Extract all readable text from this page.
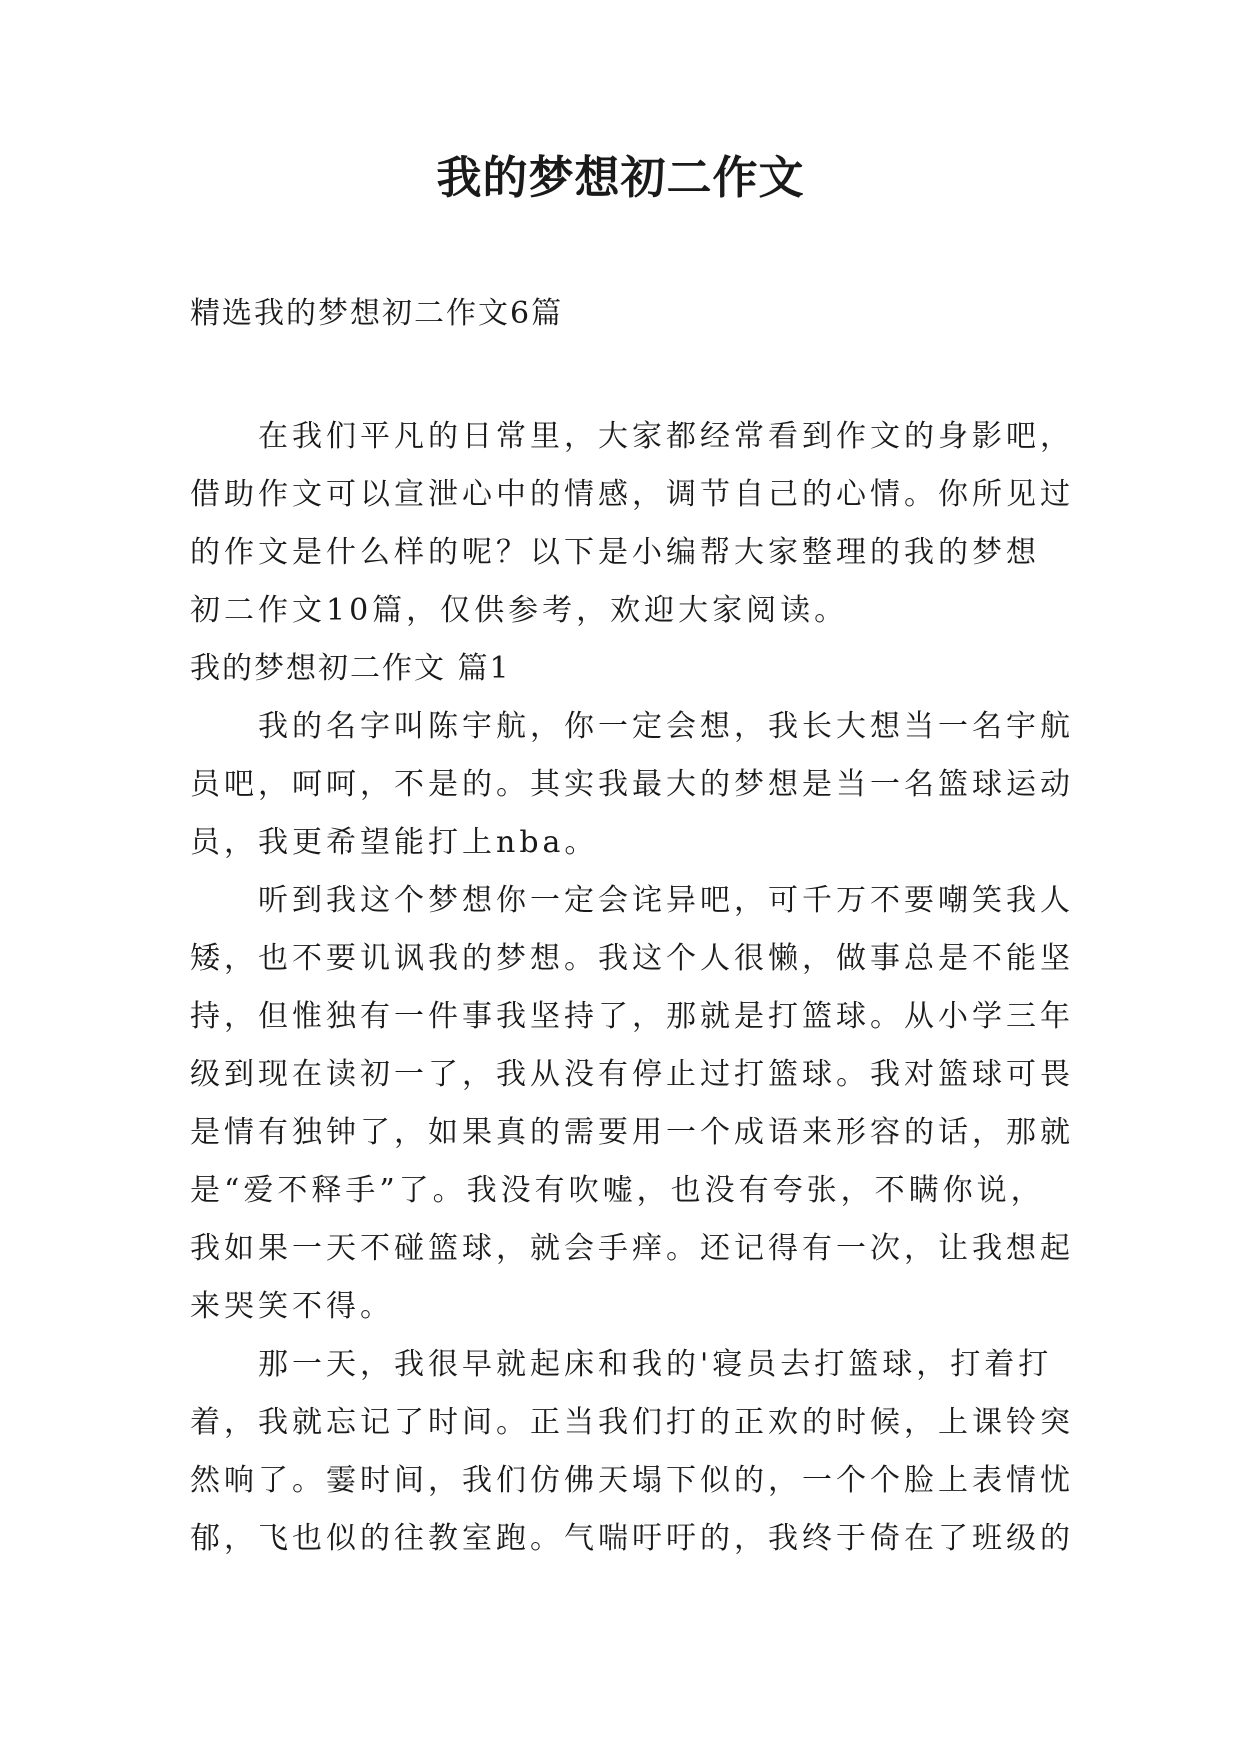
我的梦想初二作文
精选我的梦想初二作文6篇

　　在我们平凡的日常里，大家都经常看到作文的身影吧，

借助作文可以宣泄心中的情感，调节自己的心情。你所见过

的作文是什么样的呢？以下是小编帮大家整理的我的梦想

初二作文10篇，仅供参考，欢迎大家阅读。

我的梦想初二作文 篇1

　　我的名字叫陈宇航，你一定会想，我长大想当一名宇航

员吧，呵呵，不是的。其实我最大的梦想是当一名篮球运动

员，我更希望能打上nba。

　　听到我这个梦想你一定会诧异吧，可千万不要嘲笑我人

矮，也不要讥讽我的梦想。我这个人很懒，做事总是不能坚

持，但惟独有一件事我坚持了，那就是打篮球。从小学三年

级到现在读初一了，我从没有停止过打篮球。我对篮球可畏

是情有独钟了，如果真的需要用一个成语来形容的话，那就

是“爱不释手”了。我没有吹嘘，也没有夸张，不瞒你说，

我如果一天不碰篮球，就会手痒。还记得有一次，让我想起

来哭笑不得。

　　那一天，我很早就起床和我的'寝员去打篮球，打着打

着，我就忘记了时间。正当我们打的正欢的时候，上课铃突

然响了。霎时间，我们仿佛天塌下似的，一个个脸上表情忧

郁，飞也似的往教室跑。气喘吁吁的，我终于倚在了班级的
